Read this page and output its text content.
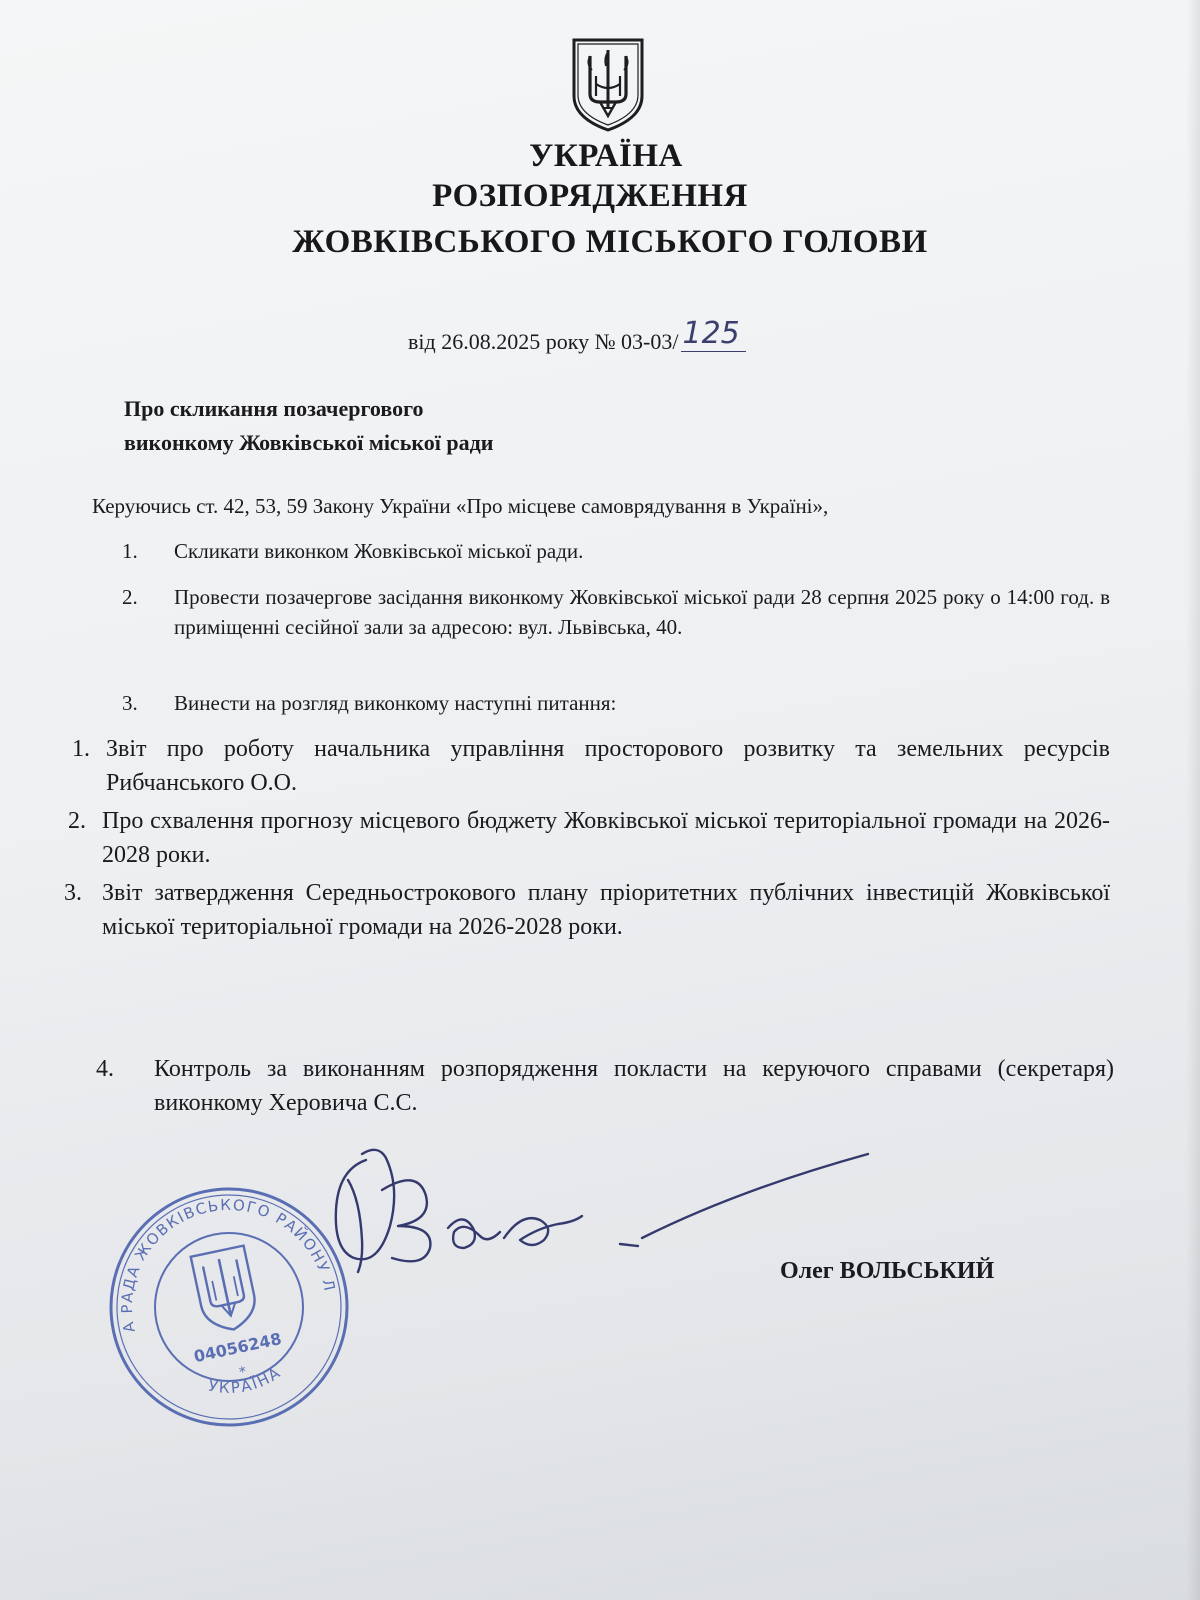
УКРАЇНА
РОЗПОРЯДЖЕННЯ
ЖОВКІВСЬКОГО МІСЬКОГО ГОЛОВИ
від 26.08.2025 року № 03-03/ 125
Про скликання позачергового
виконкому Жовківської міської ради
Керуючись ст. 42, 53, 59 Закону України «Про місцеве самоврядування в Україні»,
1. Скликати виконком Жовківської міської ради.
2. Провести позачергове засідання виконкому Жовківської міської ради 28 серпня 2025 року о 14:00 год. в приміщенні сесійної зали за адресою: вул. Львівська, 40.
3. Винести на розгляд виконкому наступні питання:
1. Звіт про роботу начальника управління просторового розвитку та земельних ресурсів Рибчанського О.О.
2. Про схвалення прогнозу місцевого бюджету Жовківської міської територіальної громади на 2026-2028 роки.
3. Звіт затвердження Середньострокового плану пріоритетних публічних інвестицій Жовківської міської територіальної громади на 2026-2028 роки.
4. Контроль за виконанням розпорядження покласти на керуючого справами (секретаря) виконкому Херовича С.С.
МІСЬКА РАДА ЖОВКІВСЬКОГО РАЙОНУ ЛЬВІВСЬКОЇ
УКРАЇНА
04056248
*
Олег ВОЛЬСЬКИЙ
